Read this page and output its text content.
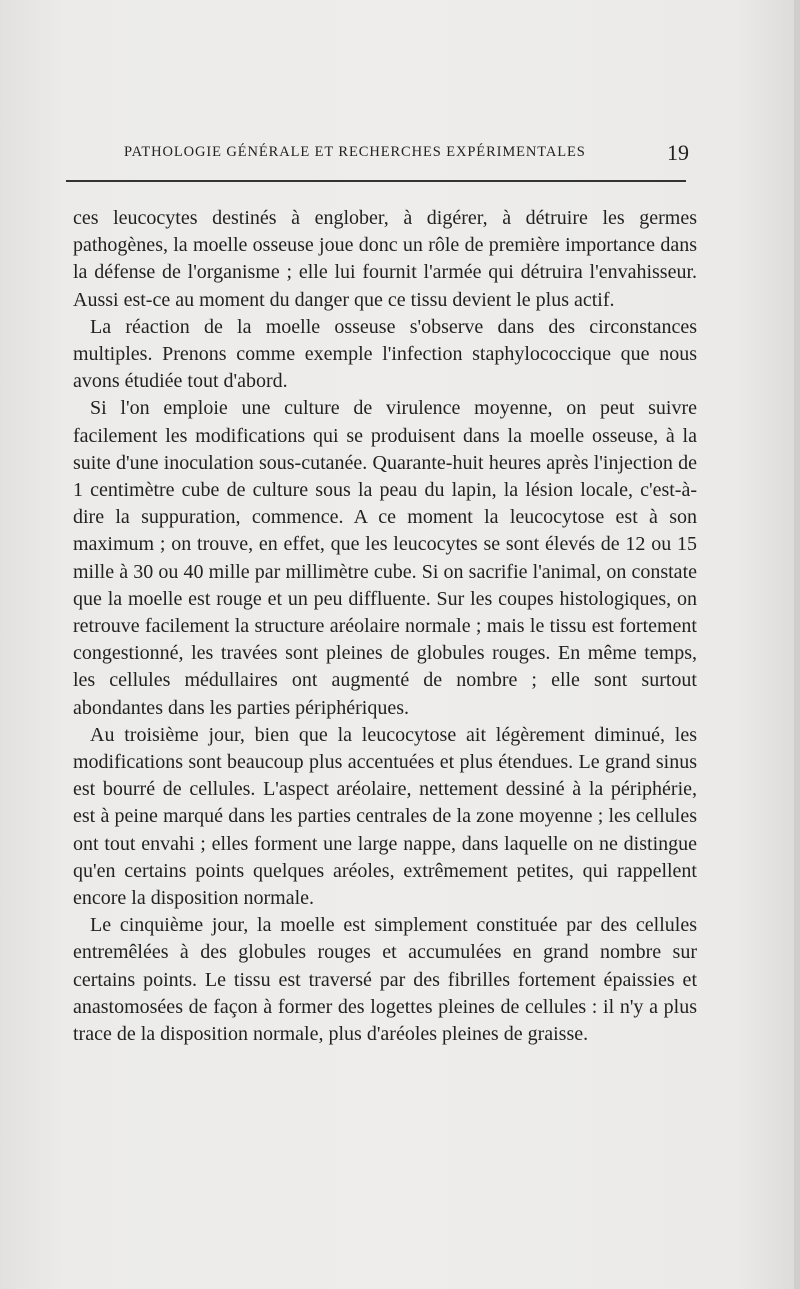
PATHOLOGIE GÉNÉRALE ET RECHERCHES EXPÉRIMENTALES	19

ces leucocytes destinés à englober, à digérer, à détruire les germes pathogènes, la moelle osseuse joue donc un rôle de première importance dans la défense de l'organisme ; elle lui fournit l'armée qui détruira l'envahisseur. Aussi est-ce au moment du danger que ce tissu devient le plus actif.

La réaction de la moelle osseuse s'observe dans des circonstances multiples. Prenons comme exemple l'infection staphylococcique que nous avons étudiée tout d'abord.

Si l'on emploie une culture de virulence moyenne, on peut suivre facilement les modifications qui se produisent dans la moelle osseuse, à la suite d'une inoculation sous-cutanée. Quarante-huit heures après l'injection de 1 centimètre cube de culture sous la peau du lapin, la lésion locale, c'est-à-dire la suppuration, commence. A ce moment la leucocytose est à son maximum ; on trouve, en effet, que les leucocytes se sont élevés de 12 ou 15 mille à 30 ou 40 mille par millimètre cube. Si on sacrifie l'animal, on constate que la moelle est rouge et un peu diffluente. Sur les coupes histologiques, on retrouve facilement la structure aréolaire normale ; mais le tissu est fortement congestionné, les travées sont pleines de globules rouges. En même temps, les cellules médullaires ont augmenté de nombre ; elle sont surtout abondantes dans les parties périphériques.

Au troisième jour, bien que la leucocytose ait légèrement diminué, les modifications sont beaucoup plus accentuées et plus étendues. Le grand sinus est bourré de cellules. L'aspect aréolaire, nettement dessiné à la périphérie, est à peine marqué dans les parties centrales de la zone moyenne ; les cellules ont tout envahi ; elles forment une large nappe, dans laquelle on ne distingue qu'en certains points quelques aréoles, extrêmement petites, qui rappellent encore la disposition normale.

Le cinquième jour, la moelle est simplement constituée par des cellules entremêlées à des globules rouges et accumulées en grand nombre sur certains points. Le tissu est traversé par des fibrilles fortement épaissies et anastomosées de façon à former des logettes pleines de cellules : il n'y a plus trace de la disposition normale, plus d'aréoles pleines de graisse.
